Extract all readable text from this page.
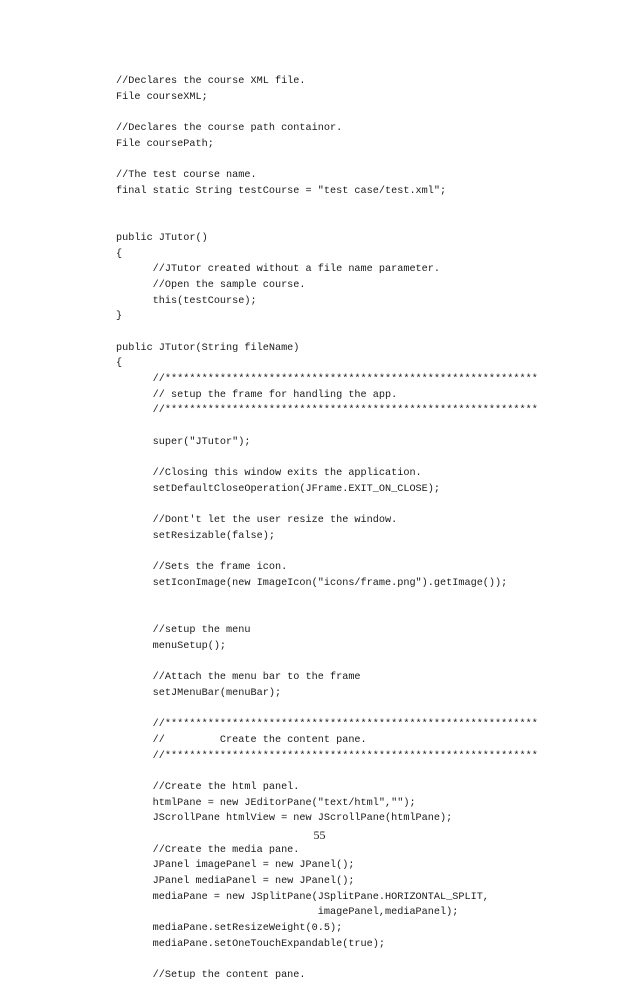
//Declares the course XML file.
File courseXML;
//Declares the course path containor.
File coursePath;
//The test course name.
final static String testCourse = "test case/test.xml";
public JTutor()
{
//JTutor created without a file name parameter.
//Open the sample course.
this(testCourse);
}
public JTutor(String fileName)
{
//*************************************************************
// setup the frame for handling the app.
//*************************************************************
super("JTutor");
//Closing this window exits the application.
setDefaultCloseOperation(JFrame.EXIT_ON_CLOSE);
//Dont't let the user resize the window.
setResizable(false);
//Sets the frame icon.
setIconImage(new ImageIcon("icons/frame.png").getImage());
//setup the menu
menuSetup();
//Attach the menu bar to the frame
setJMenuBar(menuBar);
//*************************************************************
//         Create the content pane.
//*************************************************************
//Create the html panel.
htmlPane = new JEditorPane("text/html","");
JScrollPane htmlView = new JScrollPane(htmlPane);
//Create the media pane.
JPanel imagePanel = new JPanel();
JPanel mediaPanel = new JPanel();
mediaPane = new JSplitPane(JSplitPane.HORIZONTAL_SPLIT,
imagePanel,mediaPanel);
mediaPane.setResizeWeight(0.5);
mediaPane.setOneTouchExpandable(true);
//Setup the content pane.
55
